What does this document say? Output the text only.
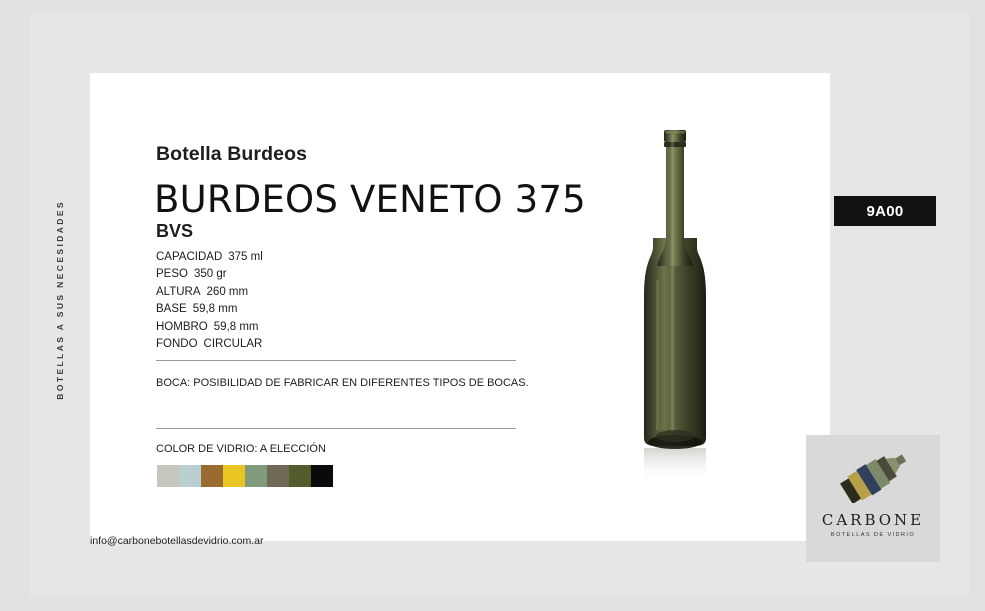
BOTELLAS A SUS NECESIDADES
Botella Burdeos
BURDEOS VENETO 375
BVS
CAPACIDAD 375 ml
PESO 350 gr
ALTURA 260 mm
BASE 59,8 mm
HOMBRO 59,8 mm
FONDO CIRCULAR
BOCA: POSIBILIDAD DE FABRICAR EN DIFERENTES TIPOS DE BOCAS.
COLOR DE VIDRIO: A ELECCIÓN
info@carbonebotellasdevidrio.com.ar
9A00
CARBONE
BOTELLAS DE VIDRIO
